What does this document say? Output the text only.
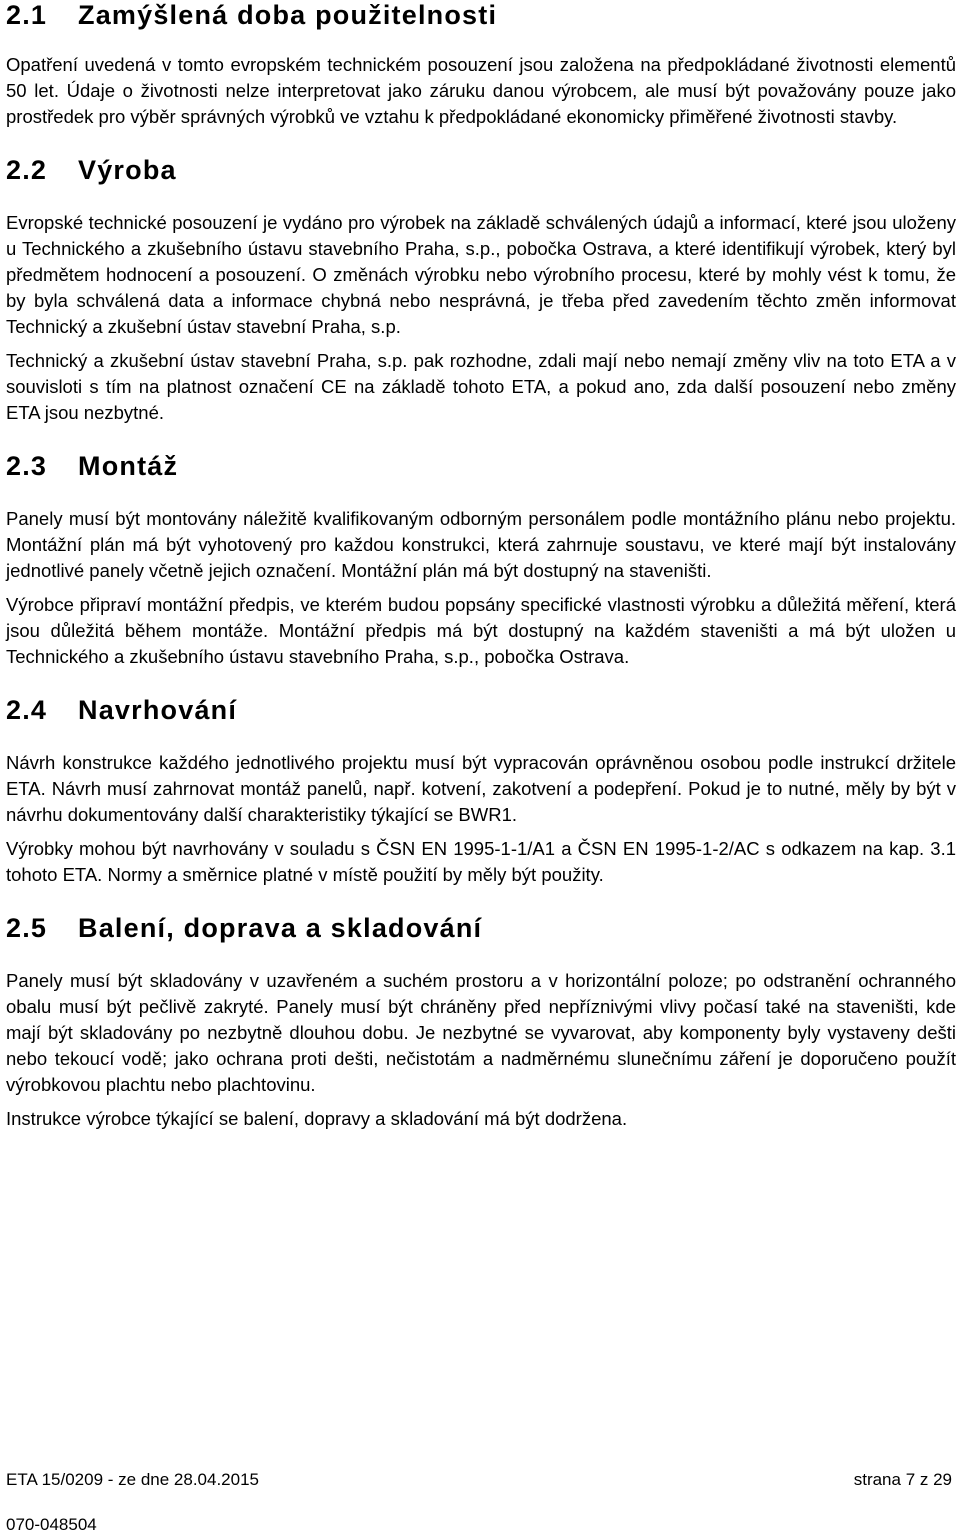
2.1 Zamýšlená doba použitelnosti

Opatření uvedená v tomto evropském technickém posouzení jsou založena na předpokládané životnosti elementů 50 let. Údaje o životnosti nelze interpretovat jako záruku danou výrobcem, ale musí být považovány pouze jako prostředek pro výběr správných výrobků ve vztahu k předpokládané ekonomicky přiměřené životnosti stavby.

2.2 Výroba

Evropské technické posouzení je vydáno pro výrobek na základě schválených údajů a informací, které jsou uloženy u Technického a zkušebního ústavu stavebního Praha, s.p., pobočka Ostrava, a které identifikují výrobek, který byl předmětem hodnocení a posouzení. O změnách výrobku nebo výrobního procesu, které by mohly vést k tomu, že by byla schválená data a informace chybná nebo nesprávná, je třeba před zavedením těchto změn informovat Technický a zkušební ústav stavební Praha, s.p.

Technický a zkušební ústav stavební Praha, s.p. pak rozhodne, zdali mají nebo nemají změny vliv na toto ETA a v souvisloti s tím na platnost označení CE na základě tohoto ETA, a pokud ano, zda další posouzení nebo změny ETA jsou nezbytné.

2.3 Montáž

Panely musí být montovány náležitě kvalifikovaným odborným personálem podle montážního plánu nebo projektu. Montážní plán má být vyhotovený pro každou konstrukci, která zahrnuje soustavu, ve které mají být instalovány jednotlivé panely včetně jejich označení. Montážní plán má být dostupný na staveništi.

Výrobce připraví montážní předpis, ve kterém budou popsány specifické vlastnosti výrobku a důležitá měření, která jsou důležitá během montáže. Montážní předpis má být dostupný na každém staveništi a má být uložen u Technického a zkušebního ústavu stavebního Praha, s.p., pobočka Ostrava.

2.4 Navrhování

Návrh konstrukce každého jednotlivého projektu musí být vypracován oprávněnou osobou podle instrukcí držitele ETA. Návrh musí zahrnovat montáž panelů, např. kotvení, zakotvení a podepření. Pokud je to nutné, měly by být v návrhu dokumentovány další charakteristiky týkající se BWR1.

Výrobky mohou být navrhovány v souladu s ČSN EN 1995-1-1/A1 a ČSN EN 1995-1-2/AC s odkazem na kap. 3.1 tohoto ETA. Normy a směrnice platné v místě použití by měly být použity.

2.5 Balení, doprava a skladování

Panely musí být skladovány v uzavřeném a suchém prostoru a v horizontální poloze; po odstranění ochranného obalu musí být pečlivě zakryté. Panely musí být chráněny před nepříznivými vlivy počasí také na staveništi, kde mají být skladovány po nezbytně dlouhou dobu. Je nezbytné se vyvarovat, aby komponenty byly vystaveny dešti nebo tekoucí vodě; jako ochrana proti dešti, nečistotám a nadměrnému slunečnímu záření je doporučeno použít výrobkovou plachtu nebo plachtovinu.

Instrukce výrobce týkající se balení, dopravy a skladování má být dodržena.

ETA 15/0209 - ze dne 28.04.2015	strana 7 z 29
070-048504
